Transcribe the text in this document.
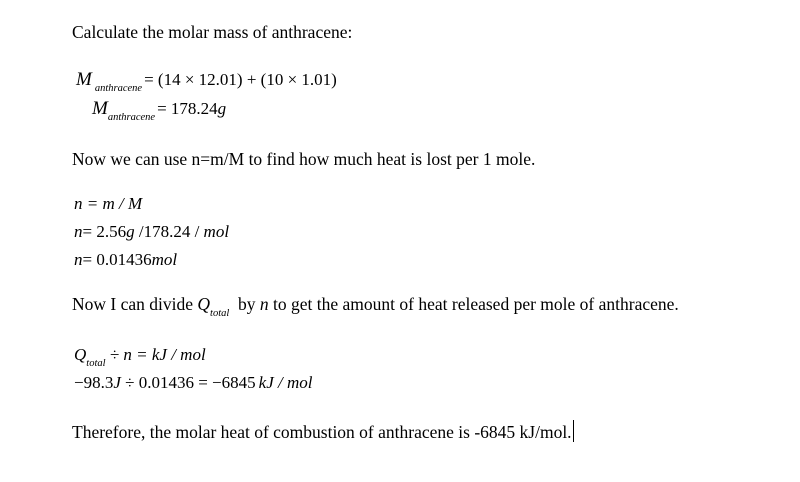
Calculate the molar mass of anthracene:
M $_{anthracene}$ = (14 × 12.01) + (10 × 1.01)
$M_{anthracene} = 178.24g$
Now we can use n=m/M to find how much heat is lost per 1 mole.
n = m / M
n= 2.56g /178.24 / mol
n= 0.01436mol
Now I can divide $Q_{total}$  by n to get the amount of heat released per mole of anthracene.
$Q_{total} \div n$ = kJ / mol
−98.3J ÷ 0.01436 = −6845 kJ / mol
Therefore, the molar heat of combustion of anthracene is -6845 kJ/mol.
